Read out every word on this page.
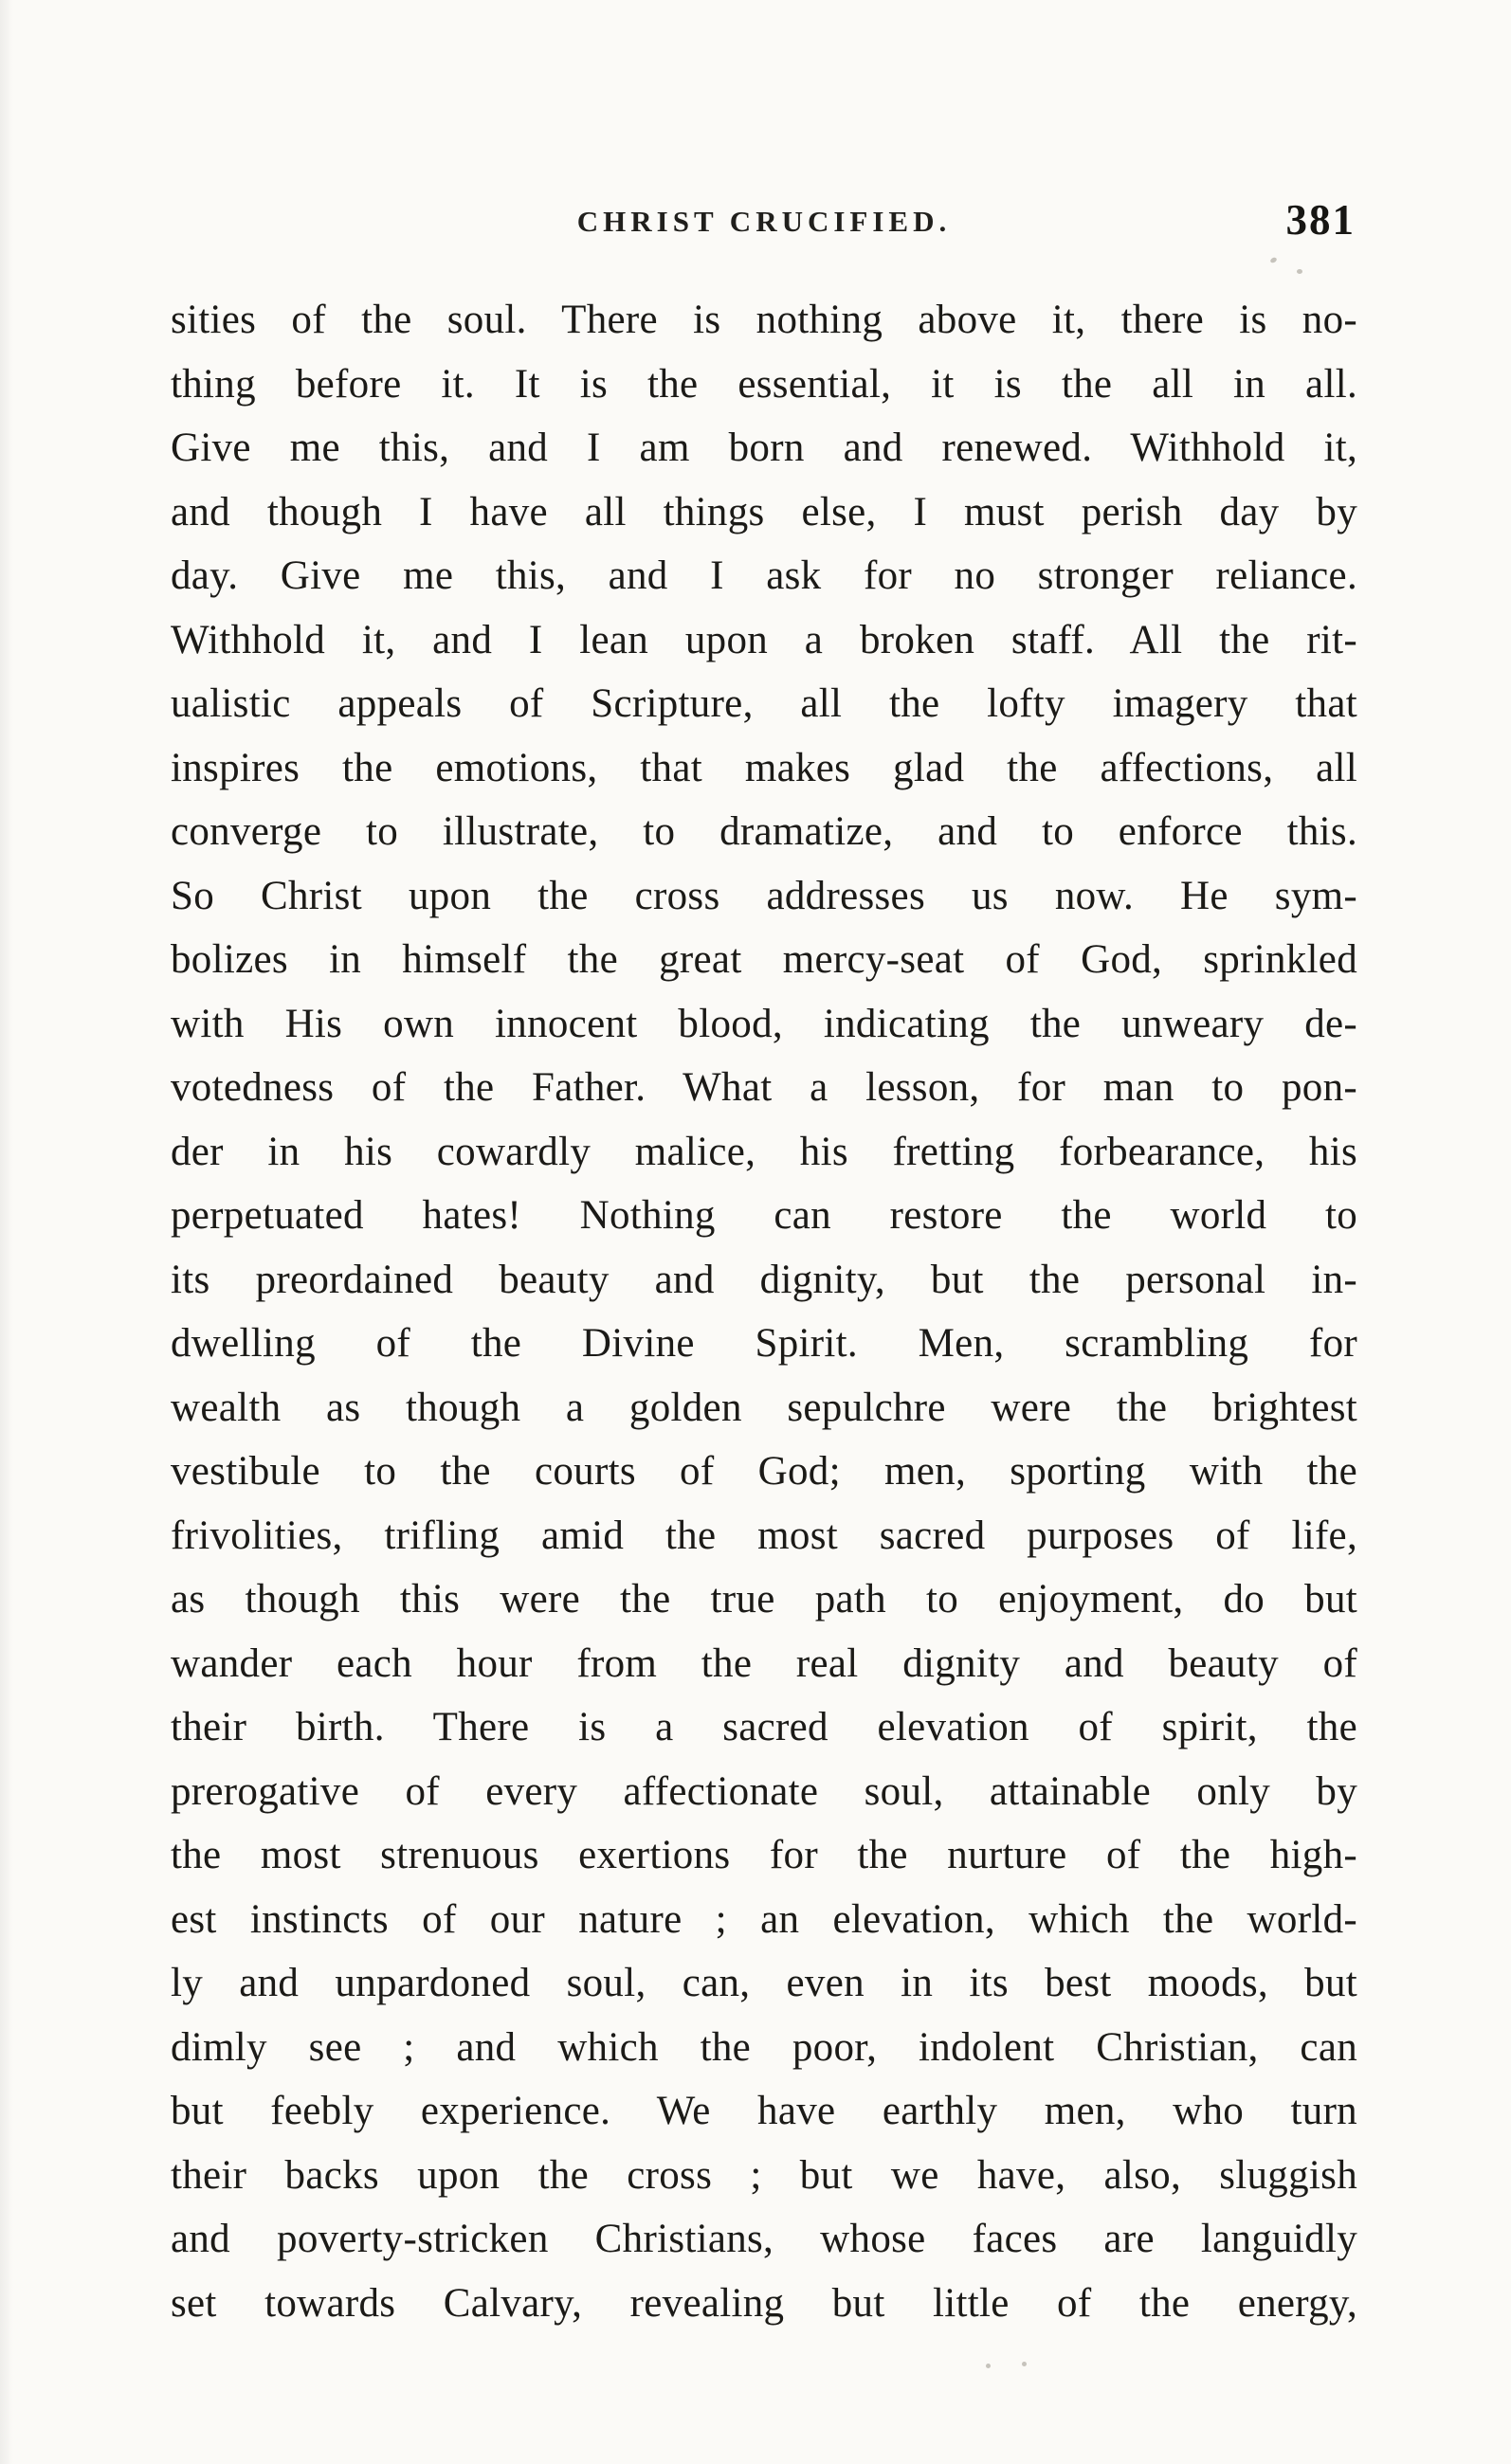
CHRIST CRUCIFIED.	381
sities of the soul. There is nothing above it, there is no-
thing before it. It is the essential, it is the all in all.
Give me this, and I am born and renewed. Withhold it,
and though I have all things else, I must perish day by
day. Give me this, and I ask for no stronger reliance.
Withhold it, and I lean upon a broken staff. All the rit-
ualistic appeals of Scripture, all the lofty imagery that
inspires the emotions, that makes glad the affections, all
converge to illustrate, to dramatize, and to enforce this.
So Christ upon the cross addresses us now. He sym-
bolizes in himself the great mercy-seat of God, sprinkled
with His own innocent blood, indicating the unweary de-
votedness of the Father. What a lesson, for man to pon-
der in his cowardly malice, his fretting forbearance, his
perpetuated hates! Nothing can restore the world to
its preordained beauty and dignity, but the personal in-
dwelling of the Divine Spirit. Men, scrambling for
wealth as though a golden sepulchre were the brightest
vestibule to the courts of God; men, sporting with the
frivolities, trifling amid the most sacred purposes of life,
as though this were the true path to enjoyment, do but
wander each hour from the real dignity and beauty of
their birth. There is a sacred elevation of spirit, the
prerogative of every affectionate soul, attainable only by
the most strenuous exertions for the nurture of the high-
est instincts of our nature ; an elevation, which the world-
ly and unpardoned soul, can, even in its best moods, but
dimly see ; and which the poor, indolent Christian, can
but feebly experience. We have earthly men, who turn
their backs upon the cross ; but we have, also, sluggish
and poverty-stricken Christians, whose faces are languidly
set towards Calvary, revealing but little of the energy,
